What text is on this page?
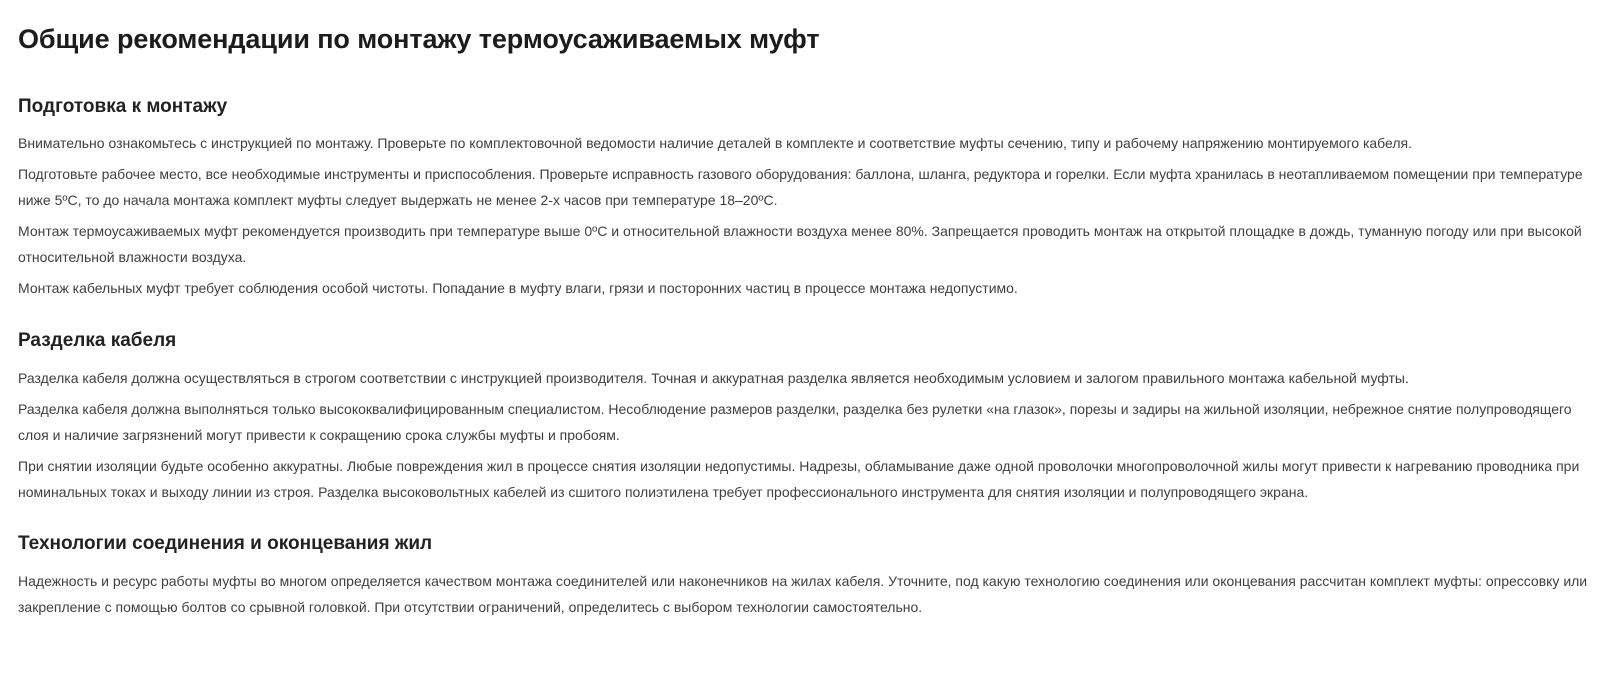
Общие рекомендации по монтажу термоусаживаемых муфт
Подготовка к монтажу

Внимательно ознакомьтесь с инструкцией по монтажу. Проверьте по комплектовочной ведомости наличие деталей в комплекте и соответствие муфты сечению, типу и рабочему напряжению монтируемого кабеля.

Подготовьте рабочее место, все необходимые инструменты и приспособления. Проверьте исправность газового оборудования: баллона, шланга, редуктора и горелки. Если муфта хранилась в неотапливаемом помещении при температуре ниже 5ºС, то до начала монтажа комплект муфты следует выдержать не менее 2-х часов при температуре 18–20ºС.

Монтаж термоусаживаемых муфт рекомендуется производить при температуре выше 0ºС и относительной влажности воздуха менее 80%. Запрещается проводить монтаж на открытой площадке в дождь, туманную погоду или при высокой относительной влажности воздуха.

Монтаж кабельных муфт требует соблюдения особой чистоты. Попадание в муфту влаги, грязи и посторонних частиц в процессе монтажа недопустимо.

Разделка кабеля

Разделка кабеля должна осуществляться в строгом соответствии с инструкцией производителя. Точная и аккуратная разделка является необходимым условием и залогом правильного монтажа кабельной муфты.

Разделка кабеля должна выполняться только высококвалифицированным специалистом. Несоблюдение размеров разделки, разделка без рулетки «на глазок», порезы и задиры на жильной изоляции, небрежное снятие полупроводящего слоя и наличие загрязнений могут привести к сокращению срока службы муфты и пробоям.

При снятии изоляции будьте особенно аккуратны. Любые повреждения жил в процессе снятия изоляции недопустимы. Надрезы, обламывание даже одной проволочки многопроволочной жилы могут привести к нагреванию проводника при номинальных токах и выходу линии из строя. Разделка высоковольтных кабелей из сшитого полиэтилена требует профессионального инструмента для снятия изоляции и полупроводящего экрана.

Технологии соединения и оконцевания жил

Надежность и ресурс работы муфты во многом определяется качеством монтажа соединителей или наконечников на жилах кабеля. Уточните, под какую технологию соединения или оконцевания рассчитан комплект муфты: опрессовку или закрепление с помощью болтов со срывной головкой. При отсутствии ограничений, определитесь с выбором технологии самостоятельно.
